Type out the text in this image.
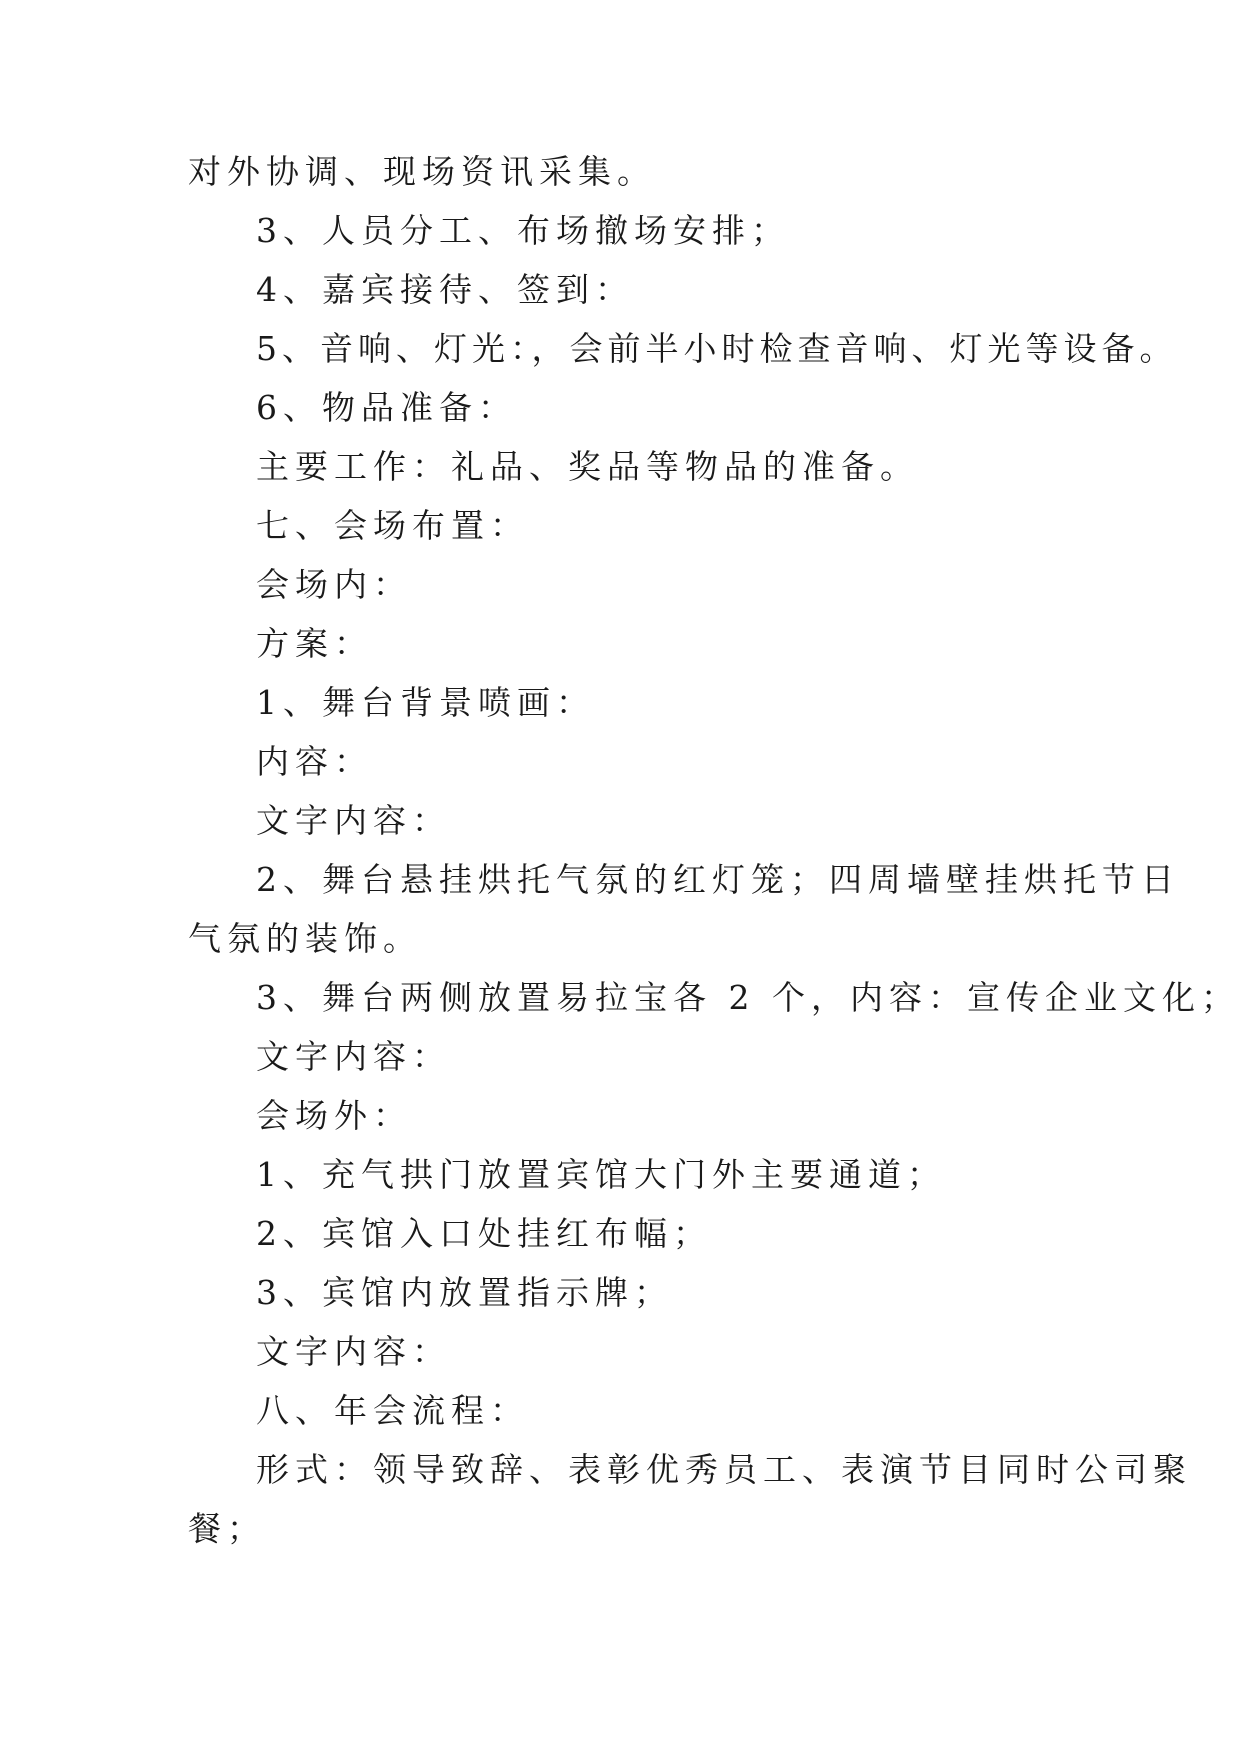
对外协调、现场资讯采集。
3、人员分工、布场撤场安排；
4、嘉宾接待、签到：
5、音响、灯光：，会前半小时检查音响、灯光等设备。
6、物品准备：
主要工作：礼品、奖品等物品的准备。
七、会场布置：
会场内：
方案：
1、舞台背景喷画：
内容：
文字内容：
2、舞台悬挂烘托气氛的红灯笼；四周墙壁挂烘托节日
气氛的装饰。
3、舞台两侧放置易拉宝各 2 个，内容：宣传企业文化；
文字内容：
会场外：
1、充气拱门放置宾馆大门外主要通道；
2、宾馆入口处挂红布幅；
3、宾馆内放置指示牌；
文字内容：
八、年会流程：
形式：领导致辞、表彰优秀员工、表演节目同时公司聚
餐；
